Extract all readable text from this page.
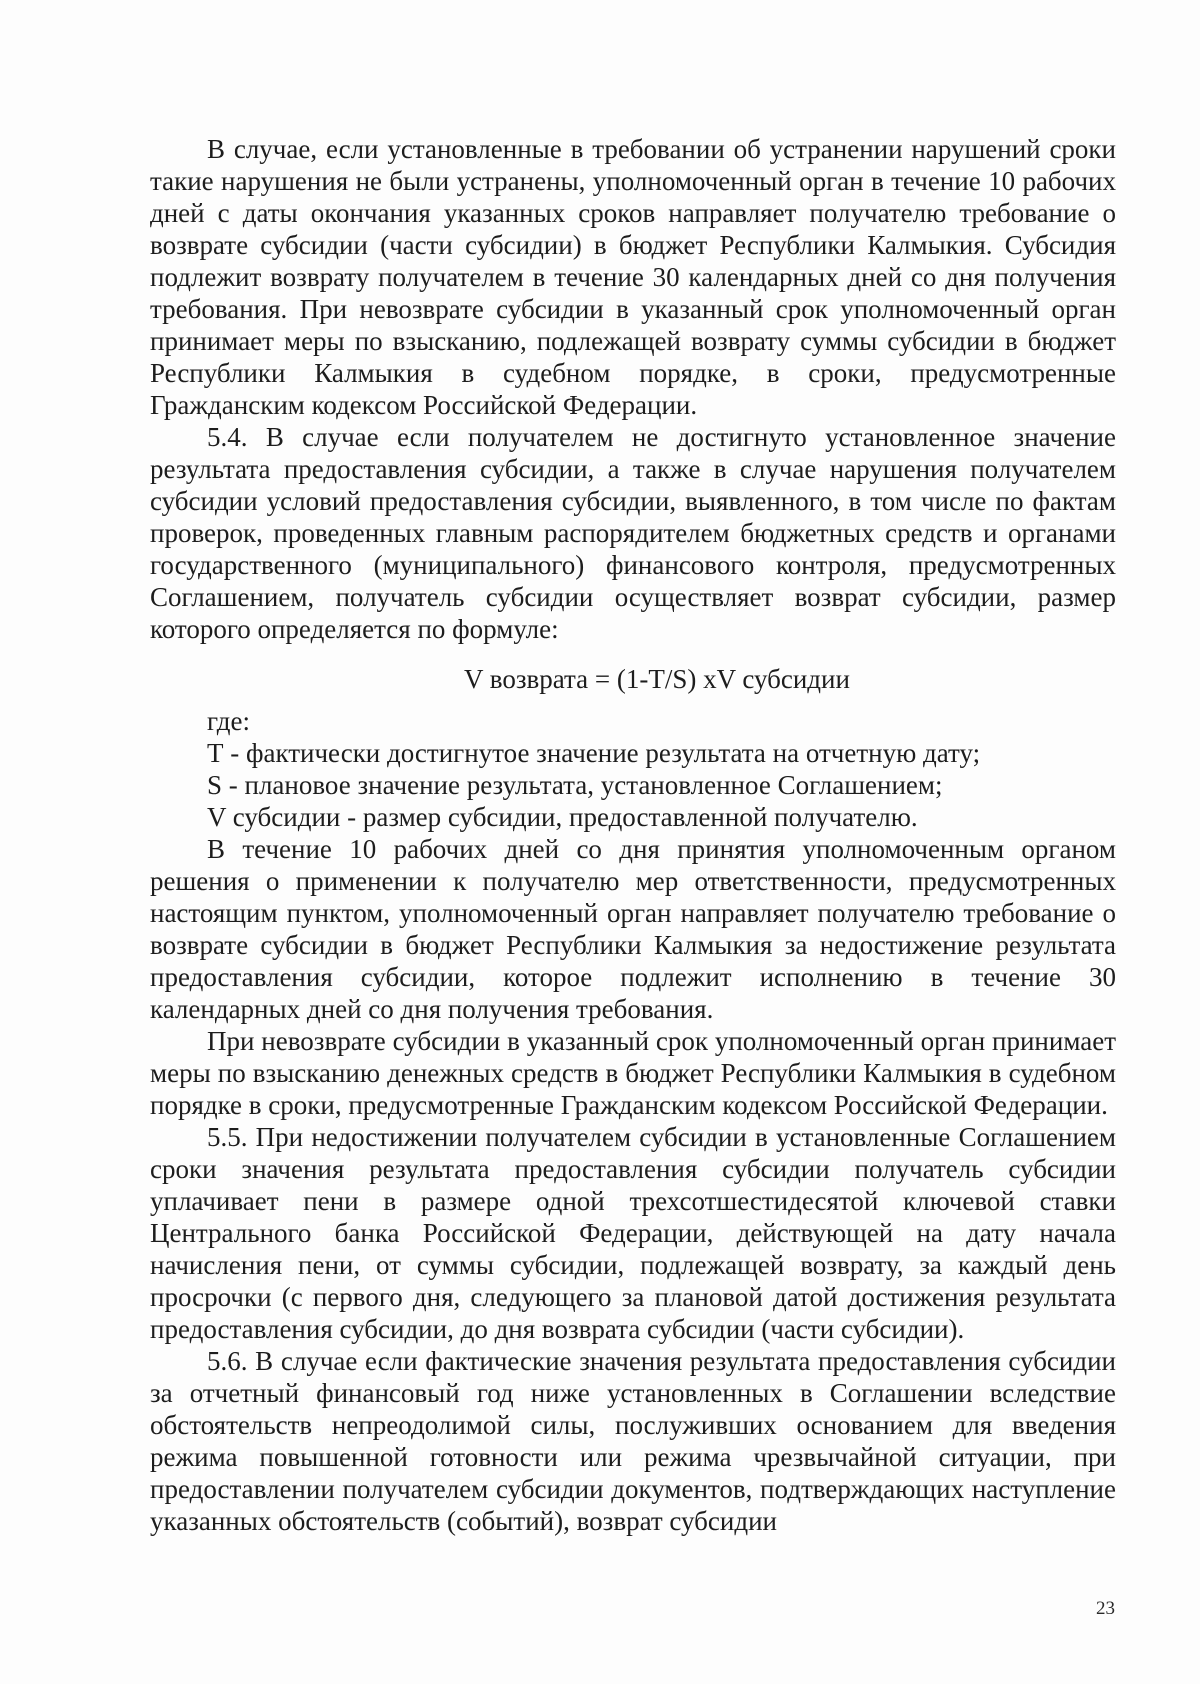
В случае, если установленные в требовании об устранении нарушений сроки такие нарушения не были устранены, уполномоченный орган в течение 10 рабочих дней с даты окончания указанных сроков направляет получателю требование о возврате субсидии (части субсидии) в бюджет Республики Калмыкия. Субсидия подлежит возврату получателем в течение 30 календарных дней со дня получения требования. При невозврате субсидии в указанный срок уполномоченный орган принимает меры по взысканию, подлежащей возврату суммы субсидии в бюджет Республики Калмыкия в судебном порядке, в сроки, предусмотренные Гражданским кодексом Российской Федерации.

5.4. В случае если получателем не достигнуто установленное значение результата предоставления субсидии, а также в случае нарушения получателем субсидии условий предоставления субсидии, выявленного, в том числе по фактам проверок, проведенных главным распорядителем бюджетных средств и органами государственного (муниципального) финансового контроля, предусмотренных Соглашением, получатель субсидии осуществляет возврат субсидии, размер которого определяется по формуле:

V возврата = (1-T/S) xV субсидии

где:

Т - фактически достигнутое значение результата на отчетную дату;

S - плановое значение результата, установленное Соглашением;

V субсидии - размер субсидии, предоставленной получателю.

В течение 10 рабочих дней со дня принятия уполномоченным органом решения о применении к получателю мер ответственности, предусмотренных настоящим пунктом, уполномоченный орган направляет получателю требование о возврате субсидии в бюджет Республики Калмыкия за недостижение результата предоставления субсидии, которое подлежит исполнению в течение 30 календарных дней со дня получения требования.

При невозврате субсидии в указанный срок уполномоченный орган принимает меры по взысканию денежных средств в бюджет Республики Калмыкия в судебном порядке в сроки, предусмотренные Гражданским кодексом Российской Федерации.

5.5. При недостижении получателем субсидии в установленные Соглашением сроки значения результата предоставления субсидии получатель субсидии уплачивает пени в размере одной трехсотшестидесятой ключевой ставки Центрального банка Российской Федерации, действующей на дату начала начисления пени, от суммы субсидии, подлежащей возврату, за каждый день просрочки (с первого дня, следующего за плановой датой достижения результата предоставления субсидии, до дня возврата субсидии (части субсидии).

5.6. В случае если фактические значения результата предоставления субсидии за отчетный финансовый год ниже установленных в Соглашении вследствие обстоятельств непреодолимой силы, послуживших основанием для введения режима повышенной готовности или режима чрезвычайной ситуации, при предоставлении получателем субсидии документов, подтверждающих наступление указанных обстоятельств (событий), возврат субсидии

23
